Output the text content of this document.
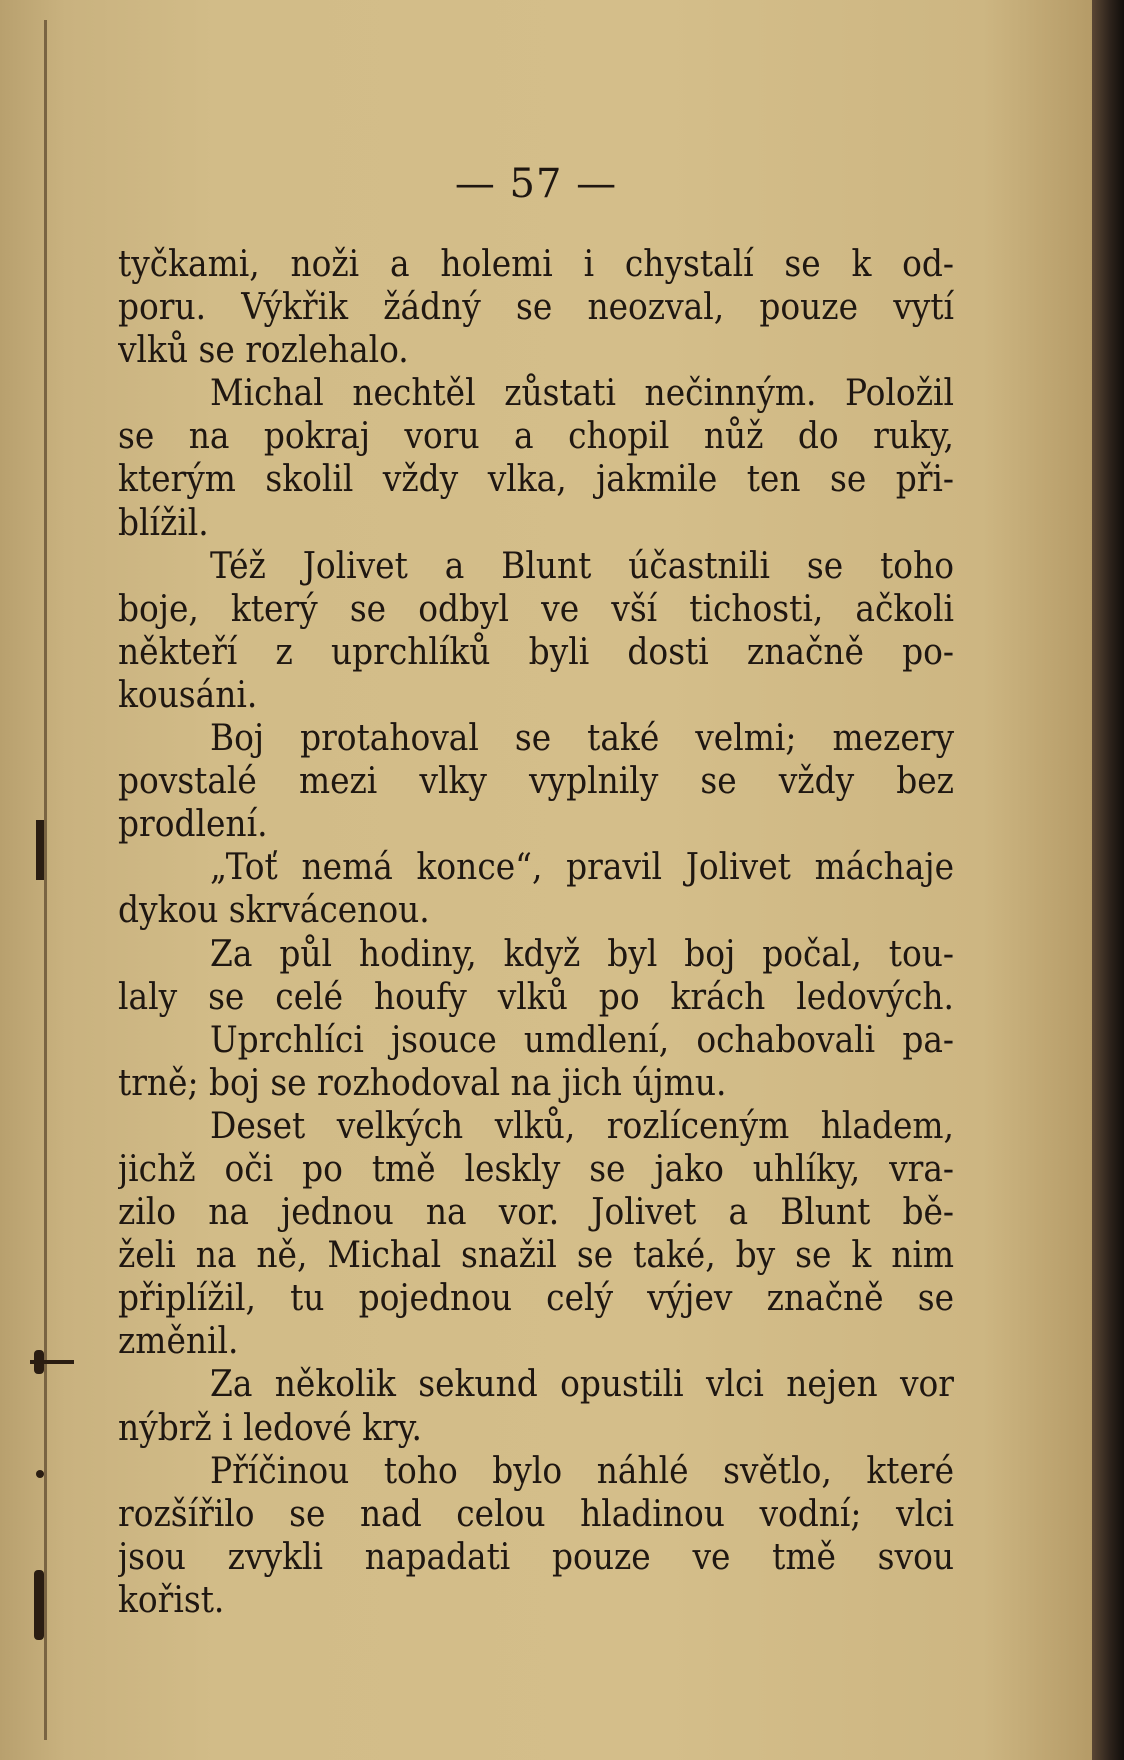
— 57 —

tyčkami, noži a holemi i chystalí se k od-
poru. Výkřik žádný se neozval, pouze vytí
vlků se rozlehalo.

Michal nechtěl zůstati nečinným. Položil
se na pokraj voru a chopil nůž do ruky,
kterým skolil vždy vlka, jakmile ten se při-
blížil.

Též Jolivet a Blunt účastnili se toho
boje, který se odbyl ve vší tichosti, ačkoli
někteří z uprchlíků byli dosti značně po-
kousáni.

Boj protahoval se také velmi; mezery
povstalé mezi vlky vyplnily se vždy bez
prodlení.

„Toť nemá konce“, pravil Jolivet máchaje
dykou skrvácenou.

Za půl hodiny, když byl boj počal, tou-
laly se celé houfy vlků po krách ledových.

Uprchlíci jsouce umdlení, ochabovali pa-
trně; boj se rozhodoval na jich újmu.

Deset velkých vlků, rozlíceným hladem,
jichž oči po tmě leskly se jako uhlíky, vra-
zilo na jednou na vor. Jolivet a Blunt bě-
želi na ně, Michal snažil se také, by se k nim
připlížil, tu pojednou celý výjev značně se
změnil.

Za několik sekund opustili vlci nejen vor
nýbrž i ledové kry.

Příčinou toho bylo náhlé světlo, které
rozšířilo se nad celou hladinou vodní; vlci
jsou zvykli napadati pouze ve tmě svou
kořist.
